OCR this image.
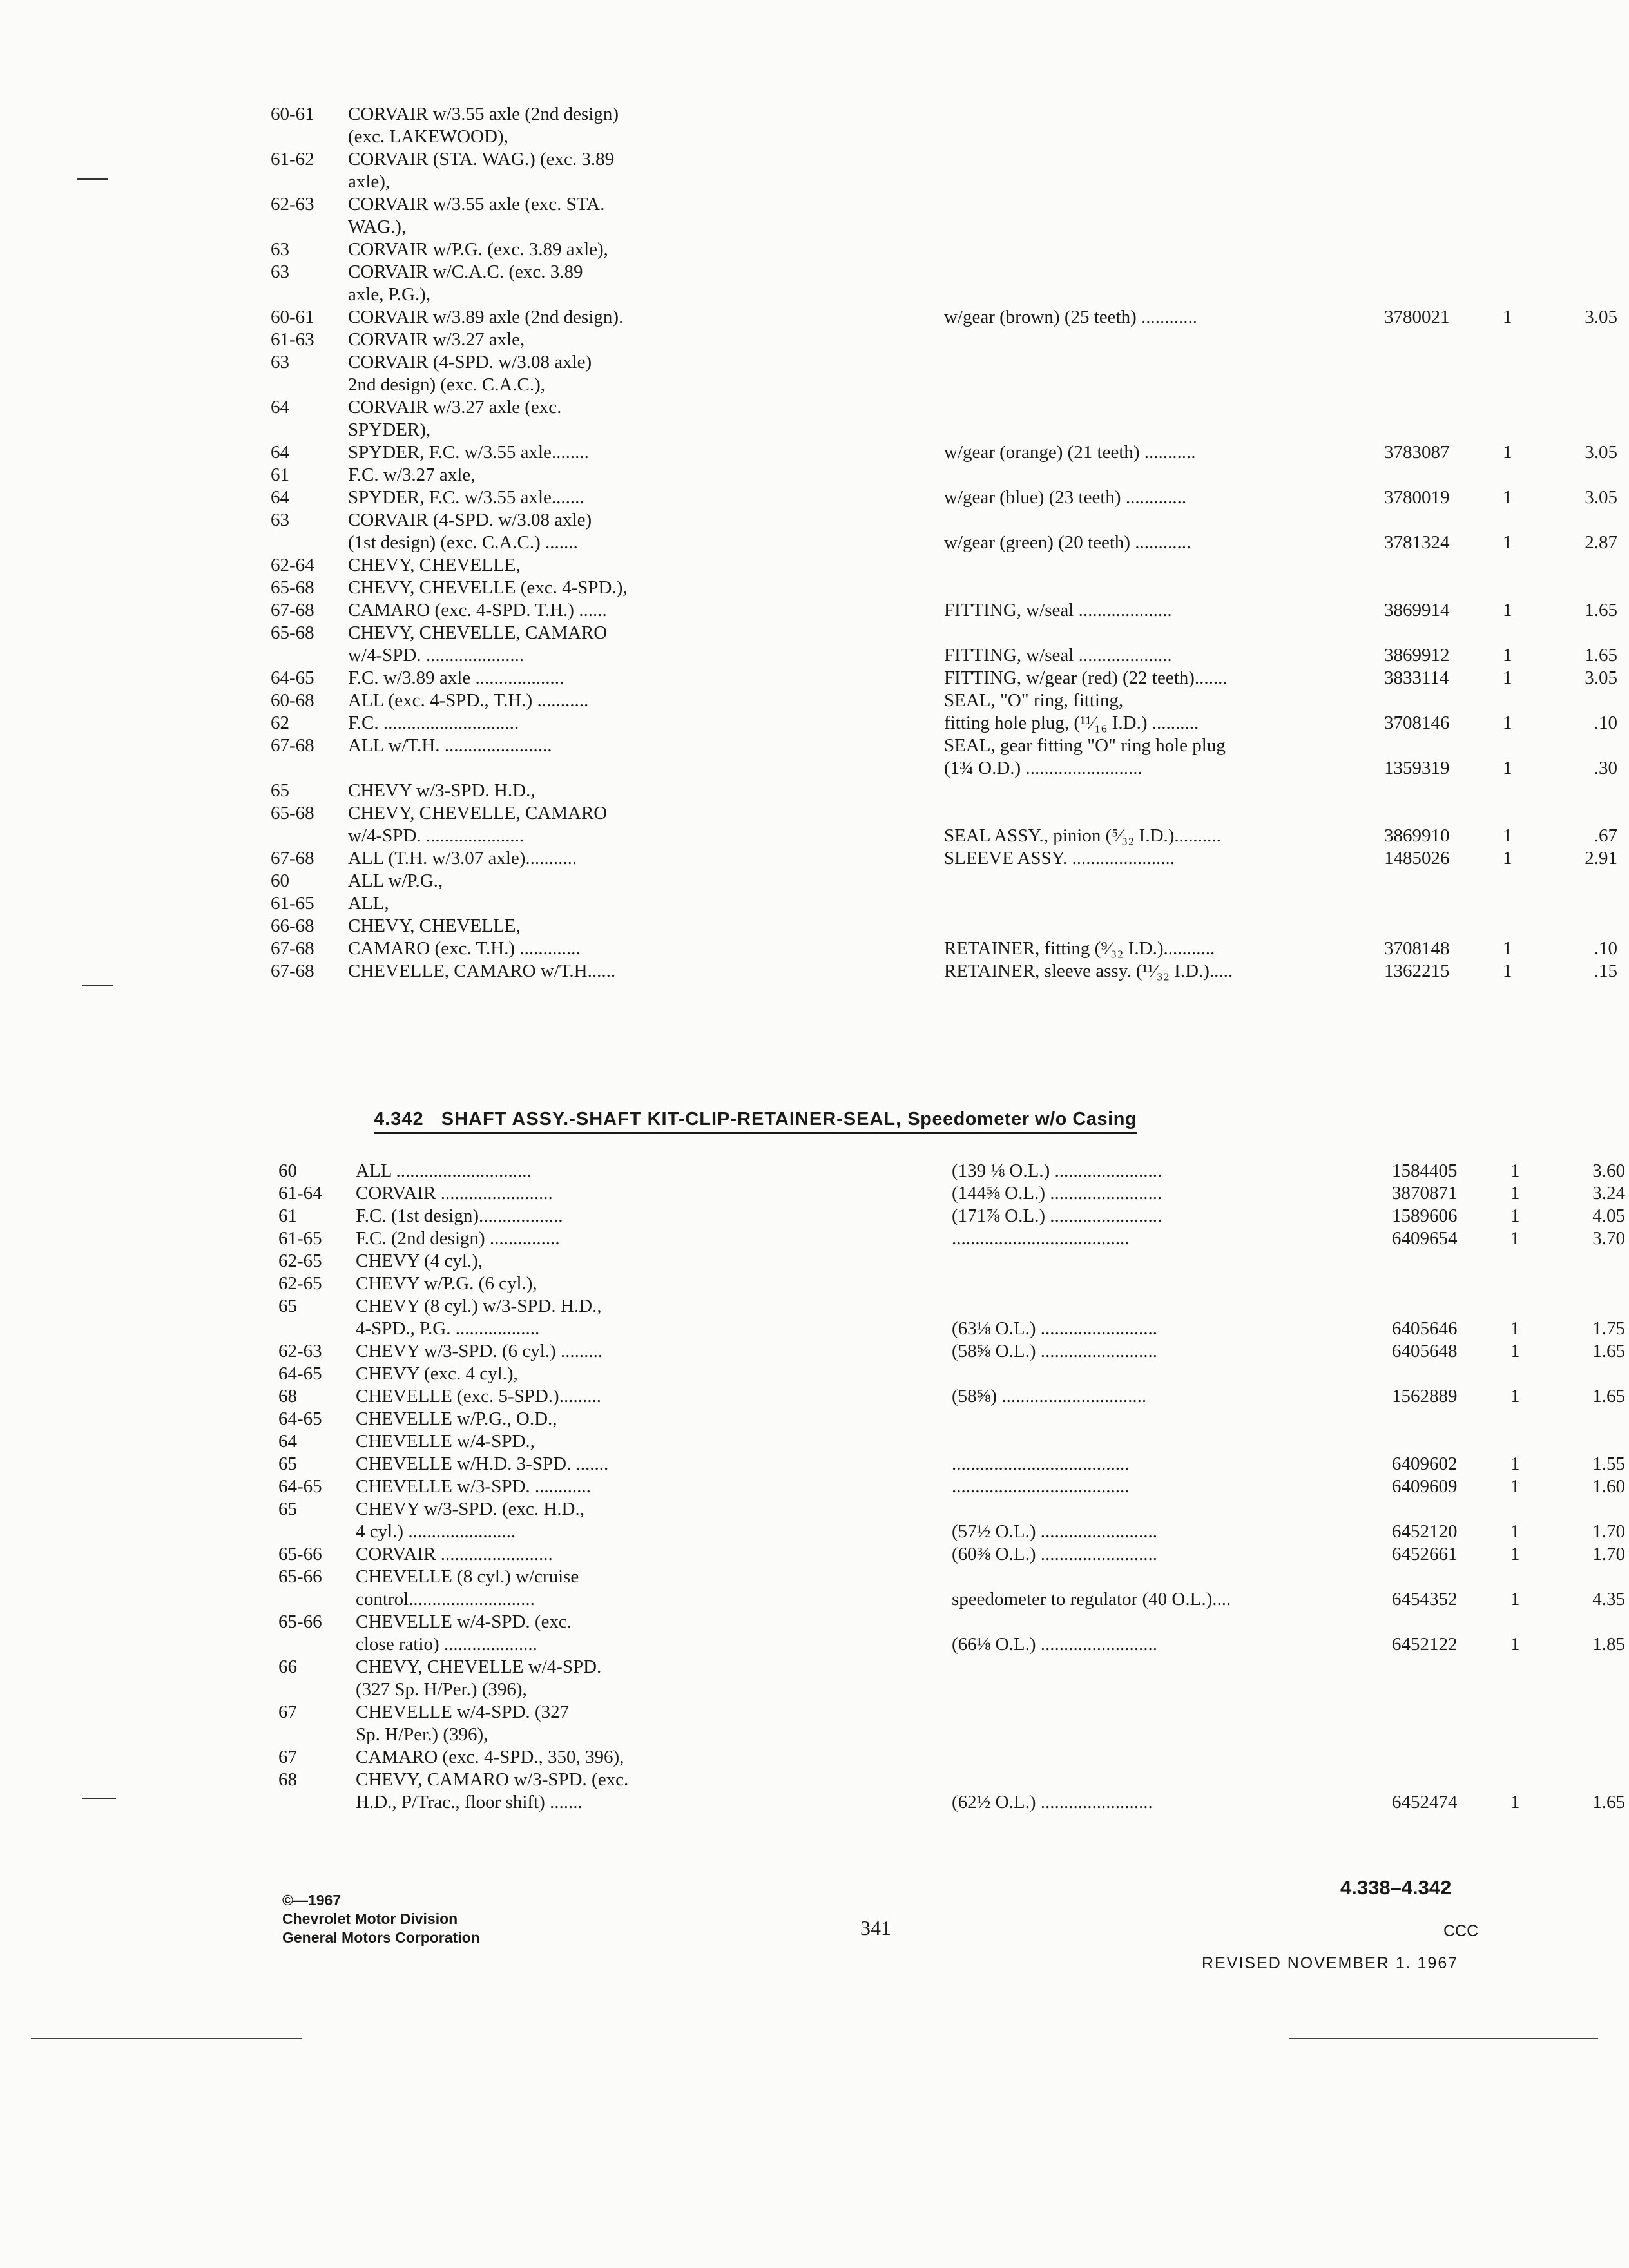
60-61 CORVAIR w/3.55 axle (2nd design)
(exc. LAKEWOOD),
61-62 CORVAIR (STA. WAG.) (exc. 3.89
axle),
62-63 CORVAIR w/3.55 axle (exc. STA.
WAG.),
63	CORVAIR w/P.G. (exc. 3.89 axle),
63	CORVAIR w/C.A.C. (exc. 3.89
axle, P.G.),
60-61 CORVAIR w/3.89 axle (2nd design).	w/gear (brown) (25 teeth) ............	3780021	1	3.05
61-63 CORVAIR w/3.27 axle,
63	CORVAIR (4-SPD. w/3.08 axle)
2nd design) (exc. C.A.C.),
64	CORVAIR w/3.27 axle (exc.
SPYDER),
64	SPYDER, F.C. w/3.55 axle........	w/gear (orange) (21 teeth) ...........	3783087	1	3.05
61	F.C. w/3.27 axle,
64	SPYDER, F.C. w/3.55 axle.......	w/gear (blue) (23 teeth) .............	3780019	1	3.05
63	CORVAIR (4-SPD. w/3.08 axle)
(1st design) (exc. C.A.C.) .......	w/gear (green) (20 teeth) ............	3781324	1	2.87
62-64 CHEVY, CHEVELLE,
65-68 CHEVY, CHEVELLE (exc. 4-SPD.),
67-68 CAMARO (exc. 4-SPD. T.H.) ......	FITTING, w/seal ....................	3869914	1	1.65
65-68 CHEVY, CHEVELLE, CAMARO
w/4-SPD. .....................	FITTING, w/seal ....................	3869912	1	1.65
64-65 F.C. w/3.89 axle ...................	FITTING, w/gear (red) (22 teeth).......	3833114	1	3.05
60-68 ALL (exc. 4-SPD., T.H.) ...........	SEAL, "O" ring, fitting,
62	F.C. .............................	fitting hole plug, (¹¹⁄₁₆ I.D.) ..........	3708146	1	.10
67-68 ALL w/T.H. .......................	SEAL, gear fitting "O" ring hole plug
(1¾ O.D.) .........................	1359319	1	.30
65	CHEVY w/3-SPD. H.D.,
65-68 CHEVY, CHEVELLE, CAMARO
w/4-SPD. .....................	SEAL ASSY., pinion (⁵⁄₃₂ I.D.)..........	3869910	1	.67
67-68 ALL (T.H. w/3.07 axle)...........	SLEEVE ASSY. ......................	1485026	1	2.91
60	ALL w/P.G.,
61-65 ALL,
66-68 CHEVY, CHEVELLE,
67-68 CAMARO (exc. T.H.) .............	RETAINER, fitting (⁹⁄₃₂ I.D.)...........	3708148	1	.10
67-68 CHEVELLE, CAMARO w/T.H......	RETAINER, sleeve assy. (¹¹⁄₃₂ I.D.).....	1362215	1	.15
4.342 SHAFT ASSY.-SHAFT KIT-CLIP-RETAINER-SEAL, Speedometer w/o Casing
60	ALL .............................	(139 ⅛ O.L.) .......................	1584405	1	3.60
61-64 CORVAIR ........................	(144⅝ O.L.) ........................	3870871	1	3.24
61	F.C. (1st design)..................	(171⅞ O.L.) ........................	1589606	1	4.05
61-65 F.C. (2nd design) ...............	......................................	6409654	1	3.70
62-65 CHEVY (4 cyl.),
62-65 CHEVY w/P.G. (6 cyl.),
65	CHEVY (8 cyl.) w/3-SPD. H.D.,
4-SPD., P.G. ..................	(63⅛ O.L.) .........................	6405646	1	1.75
62-63 CHEVY w/3-SPD. (6 cyl.) .........	(58⅝ O.L.) .........................	6405648	1	1.65
64-65 CHEVY (exc. 4 cyl.),
68	CHEVELLE (exc. 5-SPD.).........	(58⅝) ...............................	1562889	1	1.65
64-65 CHEVELLE w/P.G., O.D.,
64	CHEVELLE w/4-SPD.,
65	CHEVELLE w/H.D. 3-SPD. .......	......................................	6409602	1	1.55
64-65 CHEVELLE w/3-SPD. ............	......................................	6409609	1	1.60
65	CHEVY w/3-SPD. (exc. H.D.,
4 cyl.) .......................	(57½ O.L.) .........................	6452120	1	1.70
65-66 CORVAIR ........................	(60⅜ O.L.) .........................	6452661	1	1.70
65-66 CHEVELLE (8 cyl.) w/cruise
control...........................	speedometer to regulator (40 O.L.)....	6454352	1	4.35
65-66 CHEVELLE w/4-SPD. (exc.
close ratio) ....................	(66⅛ O.L.) .........................	6452122	1	1.85
66	CHEVY, CHEVELLE w/4-SPD.
(327 Sp. H/Per.) (396),
67	CHEVELLE w/4-SPD. (327
Sp. H/Per.) (396),
67	CAMARO (exc. 4-SPD., 350, 396),
68	CHEVY, CAMARO w/3-SPD. (exc.
H.D., P/Trac., floor shift) .......	(62½ O.L.) ........................	6452474	1	1.65
©—1967
Chevrolet Motor Division
General Motors Corporation	341
4.338–4.342
CCC
REVISED NOVEMBER 1. 1967
